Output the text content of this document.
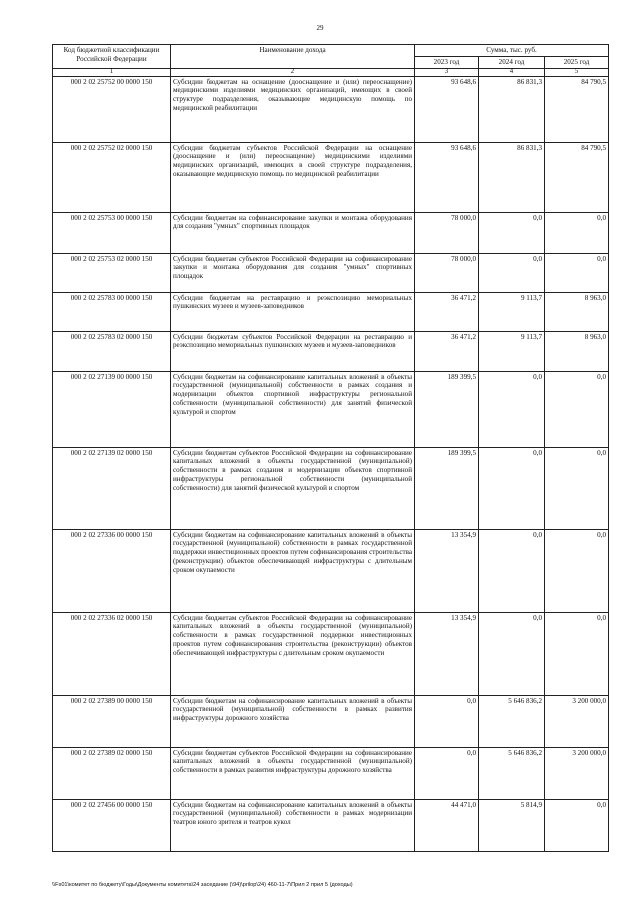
29
Код бюджетной классификации Российской Федерации	Наименование дохода	Сумма, тыс. руб.		
		2023 год	2024 год	2025 год
1	2	3	4	5
000 2 02 25752 00 0000 150	Субсидии бюджетам на оснащение (дооснащение и (или) переоснащение) медицинскими изделиями медицинских организаций, имеющих в своей структуре подразделения, оказывающие медицинскую помощь по медицинской реабилитации	93 648,6	86 831,3	84 790,5
000 2 02 25752 02 0000 150	Субсидии бюджетам субъектов Российской Федерации на оснащение (дооснащение и (или) переоснащение) медицинскими изделиями медицинских организаций, имеющих в своей структуре подразделения, оказывающие медицинскую помощь по медицинской реабилитации	93 648,6	86 831,3	84 790,5
000 2 02 25753 00 0000 150	Субсидии бюджетам на софинансирование закупки и монтажа оборудования для создания "умных" спортивных площадок	78 000,0	0,0	0,0
000 2 02 25753 02 0000 150	Субсидии бюджетам субъектов Российской Федерации на софинансирование закупки и монтажа оборудования для создания "умных" спортивных площадок	78 000,0	0,0	0,0
000 2 02 25783 00 0000 150	Субсидии бюджетам на реставрацию и реэкспозицию мемориальных пушкинских музеев и музеев-заповедников	36 471,2	9 113,7	8 963,0
000 2 02 25783 02 0000 150	Субсидии бюджетам субъектов Российской Федерации на реставрацию и реэкспозицию мемориальных пушкинских музеев и музеев-заповедников	36 471,2	9 113,7	8 963,0
000 2 02 27139 00 0000 150	Субсидии бюджетам на софинансирование капитальных вложений в объекты государственной (муниципальной) собственности в рамках создания и модернизации объектов спортивной инфраструктуры региональной собственности (муниципальной собственности) для занятий физической культурой и спортом	189 399,5	0,0	0,0
000 2 02 27139 02 0000 150	Субсидии бюджетам субъектов Российской Федерации на софинансирование капитальных вложений в объекты государственной (муниципальной) собственности в рамках создания и модернизации объектов спортивной инфраструктуры региональной собственности (муниципальной собственности) для занятий физической культурой и спортом	189 399,5	0,0	0,0
000 2 02 27336 00 0000 150	Субсидии бюджетам на софинансирование капитальных вложений в объекты государственной (муниципальной) собственности в рамках государственной поддержки инвестиционных проектов путем софинансирования строительства (реконструкции) объектов обеспечивающей инфраструктуры с длительным сроком окупаемости	13 354,9	0,0	0,0
000 2 02 27336 02 0000 150	Субсидии бюджетам субъектов Российской Федерации на софинансирование капитальных вложений в объекты государственной (муниципальной) собственности в рамках государственной поддержки инвестиционных проектов путем софинансирования строительства (реконструкции) объектов обеспечивающей инфраструктуры с длительным сроком окупаемости	13 354,9	0,0	0,0
000 2 02 27389 00 0000 150	Субсидии бюджетам на софинансирование капитальных вложений в объекты государственной (муниципальной) собственности в рамках развития инфраструктуры дорожного хозяйства	0,0	5 646 836,2	3 200 000,0
000 2 02 27389 02 0000 150	Субсидии бюджетам субъектов Российской Федерации на софинансирование капитальных вложений в объекты государственной (муниципальной) собственности в рамках развития инфраструктуры дорожного хозяйства	0,0	5 646 836,2	3 200 000,0
000 2 02 27456 00 0000 150	Субсидии бюджетам на софинансирование капитальных вложений в объекты государственной (муниципальной) собственности в рамках модернизации театров юного зрителя и театров кукол	44 471,0	5 814,9	0,0
\\Fs01\комитет по бюджету\Годы\Документы комитета\24 заседание (\94)\prilop\24) 460-11-7\Прил 2 прил 5 (доходы)
